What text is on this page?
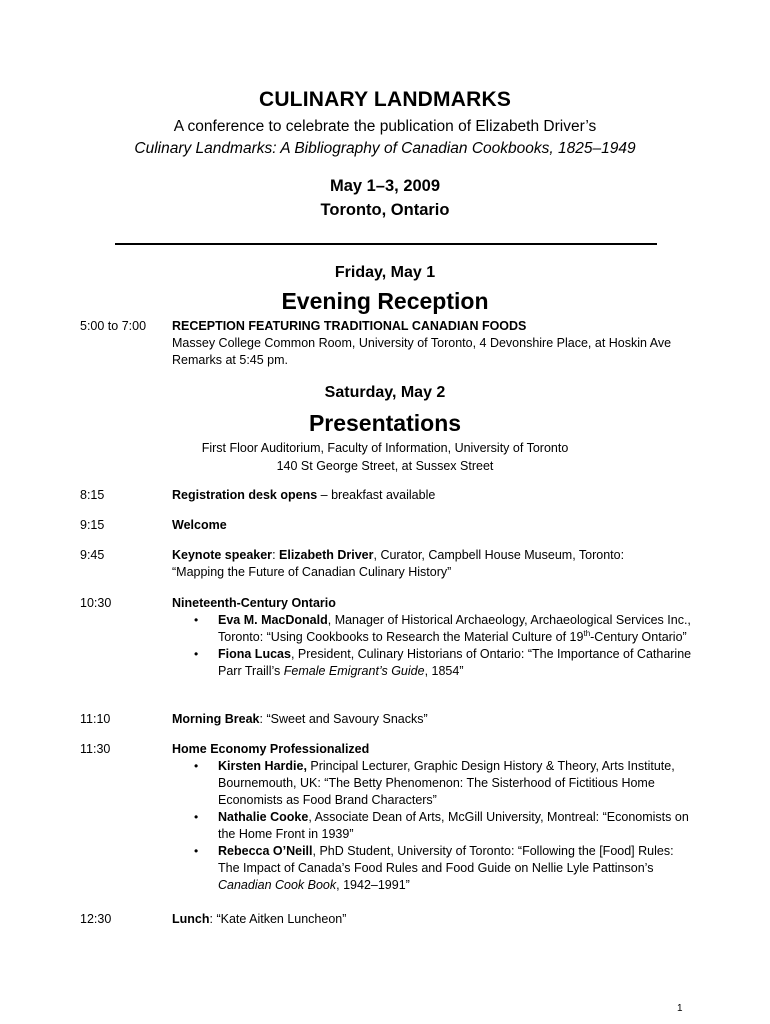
CULINARY LANDMARKS
A conference to celebrate the publication of Elizabeth Driver’s
Culinary Landmarks: A Bibliography of Canadian Cookbooks, 1825–1949
May 1–3, 2009
Toronto, Ontario
Friday, May 1
Evening Reception
5:00 to 7:00 RECEPTION FEATURING TRADITIONAL CANADIAN FOODS
Massey College Common Room, University of Toronto, 4 Devonshire Place, at Hoskin Ave
Remarks at 5:45 pm.
Saturday, May 2
Presentations
First Floor Auditorium, Faculty of Information, University of Toronto
140 St George Street, at Sussex Street
8:15	Registration desk opens – breakfast available
9:15	Welcome
9:45	Keynote speaker: Elizabeth Driver, Curator, Campbell House Museum, Toronto:
“Mapping the Future of Canadian Culinary History”
10:30	Nineteenth-Century Ontario
• Eva M. MacDonald, Manager of Historical Archaeology, Archaeological Services Inc., Toronto: “Using Cookbooks to Research the Material Culture of 19th-Century Ontario”
• Fiona Lucas, President, Culinary Historians of Ontario: “The Importance of Catharine Parr Traill’s Female Emigrant’s Guide, 1854”
11:10	Morning Break: “Sweet and Savoury Snacks”
11:30	Home Economy Professionalized
• Kirsten Hardie, Principal Lecturer, Graphic Design History & Theory, Arts Institute, Bournemouth, UK: “The Betty Phenomenon: The Sisterhood of Fictitious Home Economists as Food Brand Characters”
• Nathalie Cooke, Associate Dean of Arts, McGill University, Montreal: “Economists on the Home Front in 1939”
• Rebecca O’Neill, PhD Student, University of Toronto: “Following the [Food] Rules: The Impact of Canada’s Food Rules and Food Guide on Nellie Lyle Pattinson’s Canadian Cook Book, 1942–1991”
12:30	Lunch: “Kate Aitken Luncheon”
1
